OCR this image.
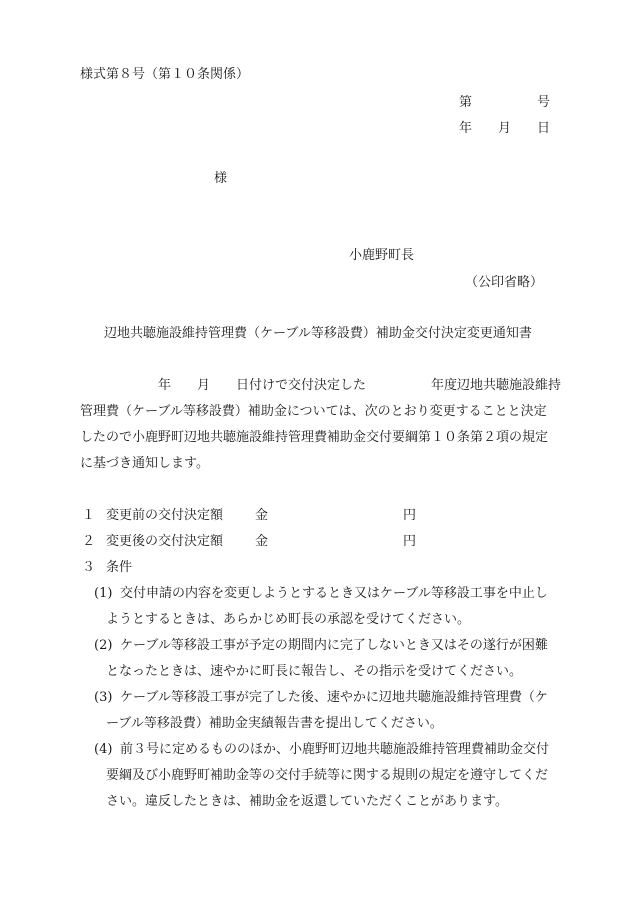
様式第８号（第１０条関係）
第　　　　　号
年　　月　　日
様
小鹿野町長
（公印省略）
辺地共聴施設維持管理費（ケーブル等移設費）補助金交付決定変更通知書
　　　　　　年　　月　　日付けで交付決定した　　　　　年度辺地共聴施設維持
管理費（ケーブル等移設費）補助金については、次のとおり変更することと決定
したので小鹿野町辺地共聴施設維持管理費補助金交付要綱第１０条第２項の規定
に基づき通知します。
１ 変更前の交付決定額 金	円
２ 変更後の交付決定額 金	円
３ 条件
(1) 交付申請の内容を変更しようとするとき又はケーブル等移設工事を中止し
ようとするときは、あらかじめ町長の承認を受けてください。
(2) ケーブル等移設工事が予定の期間内に完了しないとき又はその遂行が困難
となったときは、速やかに町長に報告し、その指示を受けてください。
(3) ケーブル等移設工事が完了した後、速やかに辺地共聴施設維持管理費（ケ
ーブル等移設費）補助金実績報告書を提出してください。
(4) 前３号に定めるもののほか、小鹿野町辺地共聴施設維持管理費補助金交付
要綱及び小鹿野町補助金等の交付手続等に関する規則の規定を遵守してくだ
さい。違反したときは、補助金を返還していただくことがあります。
